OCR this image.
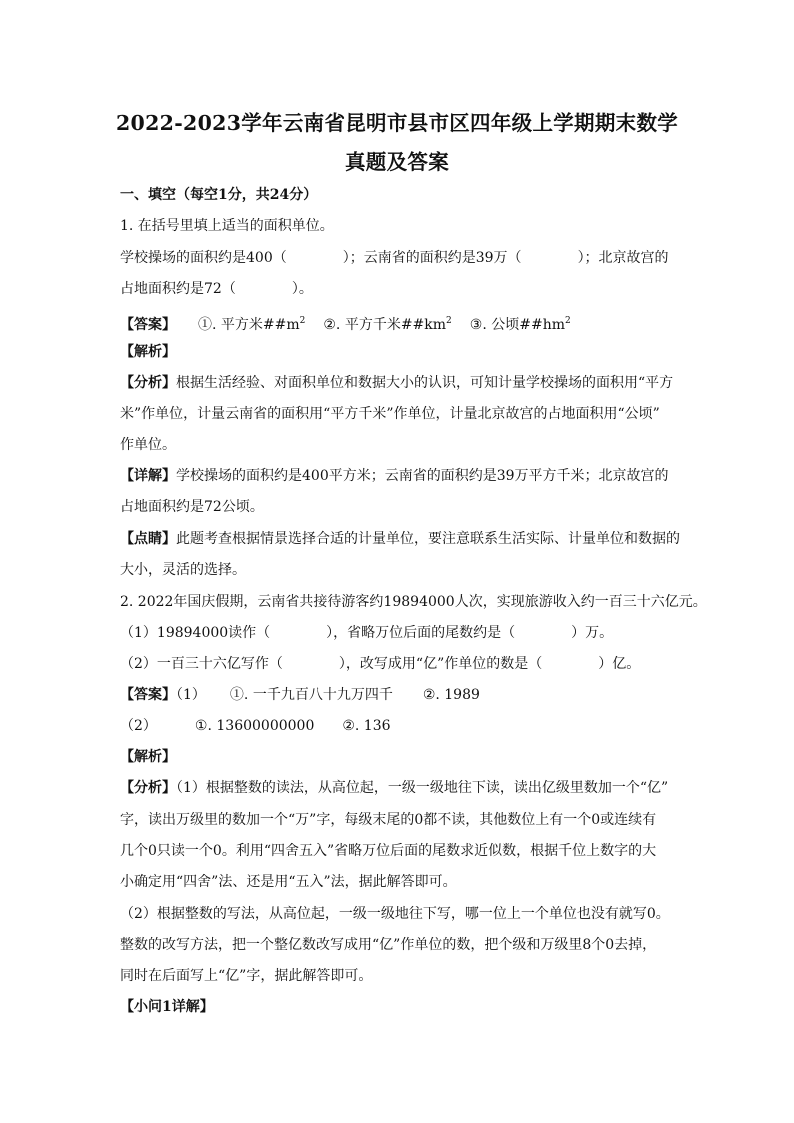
2022-2023学年云南省昆明市县市区四年级上学期期末数学
真题及答案
一、填空（每空1分，共24分）
1. 在括号里填上适当的面积单位。
学校操场的面积约是400（	）；云南省的面积约是39万（	）；北京故宫的
占地面积约是72（	）。
【答案】 ①. 平方米$\#\#m^2$ ②. 平方千米$\#\#km^2$ ③. 公顷$\#\#hm^2$
【解析】
【分析】根据生活经验、对面积单位和数据大小的认识，可知计量学校操场的面积用“平方
米”作单位，计量云南省的面积用“平方千米”作单位，计量北京故宫的占地面积用“公顷”
作单位。
【详解】学校操场的面积约是400平方米；云南省的面积约是39万平方千米；北京故宫的
占地面积约是72公顷。
【点睛】此题考查根据情景选择合适的计量单位，要注意联系生活实际、计量单位和数据的
大小，灵活的选择。
2. 2022年国庆假期，云南省共接待游客约19894000人次，实现旅游收入约一百三十六亿元。
（1）19894000读作（	），省略万位后面的尾数约是（	）万。
（2）一百三十六亿写作（	），改写成用“亿”作单位的数是（	）亿。
【答案】（1） ①. 一千九百八十九万四千 ②. 1989
（2）	①. 13600000000 ②. 136
【解析】
【分析】（1）根据整数的读法，从高位起，一级一级地往下读，读出亿级里数加一个“亿”
字，读出万级里的数加一个“万”字，每级末尾的0都不读，其他数位上有一个0或连续有
几个0只读一个0。利用“四舍五入”省略万位后面的尾数求近似数，根据千位上数字的大
小确定用“四舍”法、还是用“五入”法，据此解答即可。
（2）根据整数的写法，从高位起，一级一级地往下写，哪一位上一个单位也没有就写0。
整数的改写方法，把一个整亿数改写成用“亿”作单位的数，把个级和万级里8个0去掉，
同时在后面写上“亿”字，据此解答即可。
【小问1详解】
